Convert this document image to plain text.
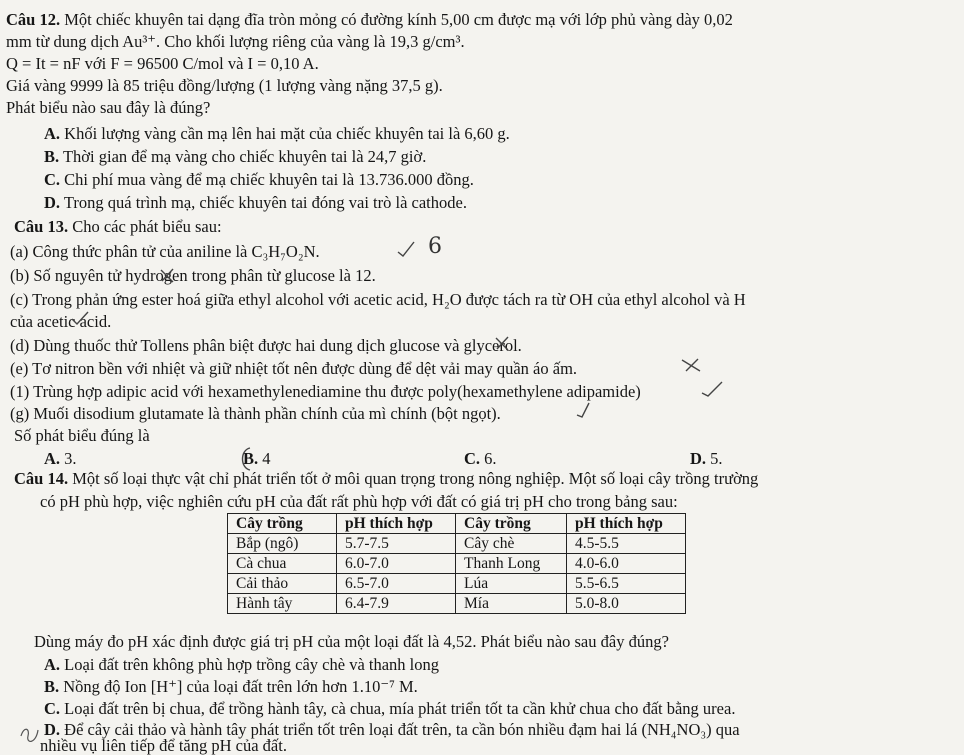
Câu 12. Một chiếc khuyên tai dạng đĩa tròn mỏng có đường kính 5,00 cm được mạ với lớp phủ vàng dày 0,02
mm từ dung dịch Au³⁺. Cho khối lượng riêng của vàng là 19,3 g/cm³.
Q = It = nF với F = 96500 C/mol và I = 0,10 A.
Giá vàng 9999 là 85 triệu đồng/lượng (1 lượng vàng nặng 37,5 g).
Phát biểu nào sau đây là đúng?
A. Khối lượng vàng cần mạ lên hai mặt của chiếc khuyên tai là 6,60 g.
B. Thời gian để mạ vàng cho chiếc khuyên tai là 24,7 giờ.
C. Chi phí mua vàng để mạ chiếc khuyên tai là 13.736.000 đồng.
D. Trong quá trình mạ, chiếc khuyên tai đóng vai trò là cathode.
Câu 13. Cho các phát biểu sau:
(a) Công thức phân tử của aniline là C₃H₇O₂N.
(b) Số nguyên tử hydrogen trong phân từ glucose là 12.
(c) Trong phản ứng ester hoá giữa ethyl alcohol với acetic acid, H₂O được tách ra từ OH của ethyl alcohol và H
của acetic acid.
(d) Dùng thuốc thử Tollens phân biệt được hai dung dịch glucose và glycerol.
(e) Tơ nitron bền với nhiệt và giữ nhiệt tốt nên được dùng để dệt vải may quần áo ấm.
(1) Trùng hợp adipic acid với hexamethylenediamine thu được poly(hexamethylene adipamide)
(g) Muối disodium glutamate là thành phần chính của mì chính (bột ngọt).
Số phát biểu đúng là
A. 3.	B. 4	C. 6.	D. 5.
6
Câu 14. Một số loại thực vật chỉ phát triển tốt ở môi quan trọng trong nông nghiệp. Một số loại cây trồng trường
có pH phù hợp, việc nghiên cứu pH của đất rất phù hợp với đất có giá trị pH cho trong bảng sau:
Cây trồng	pH thích hợp	Cây trồng	pH thích hợp
Bắp (ngô)	5.7-7.5	Cây chè	4.5-5.5
Cà chua	6.0-7.0	Thanh Long	4.0-6.0
Cải thảo	6.5-7.0	Lúa	5.5-6.5
Hành tây	6.4-7.9	Mía	5.0-8.0
Dùng máy đo pH xác định được giá trị pH của một loại đất là 4,52. Phát biểu nào sau đây đúng?
A. Loại đất trên không phù hợp trồng cây chè và thanh long
B. Nồng độ Ion [H⁺] của loại đất trên lớn hơn 1.10⁻⁷ M.
C. Loại đất trên bị chua, để trồng hành tây, cà chua, mía phát triển tốt ta cần khử chua cho đất bằng urea.
D. Để cây cải thảo và hành tây phát triển tốt trên loại đất trên, ta cần bón nhiều đạm hai lá (NH₄NO₃) qua
nhiều vụ liên tiếp để tăng pH của đất.
